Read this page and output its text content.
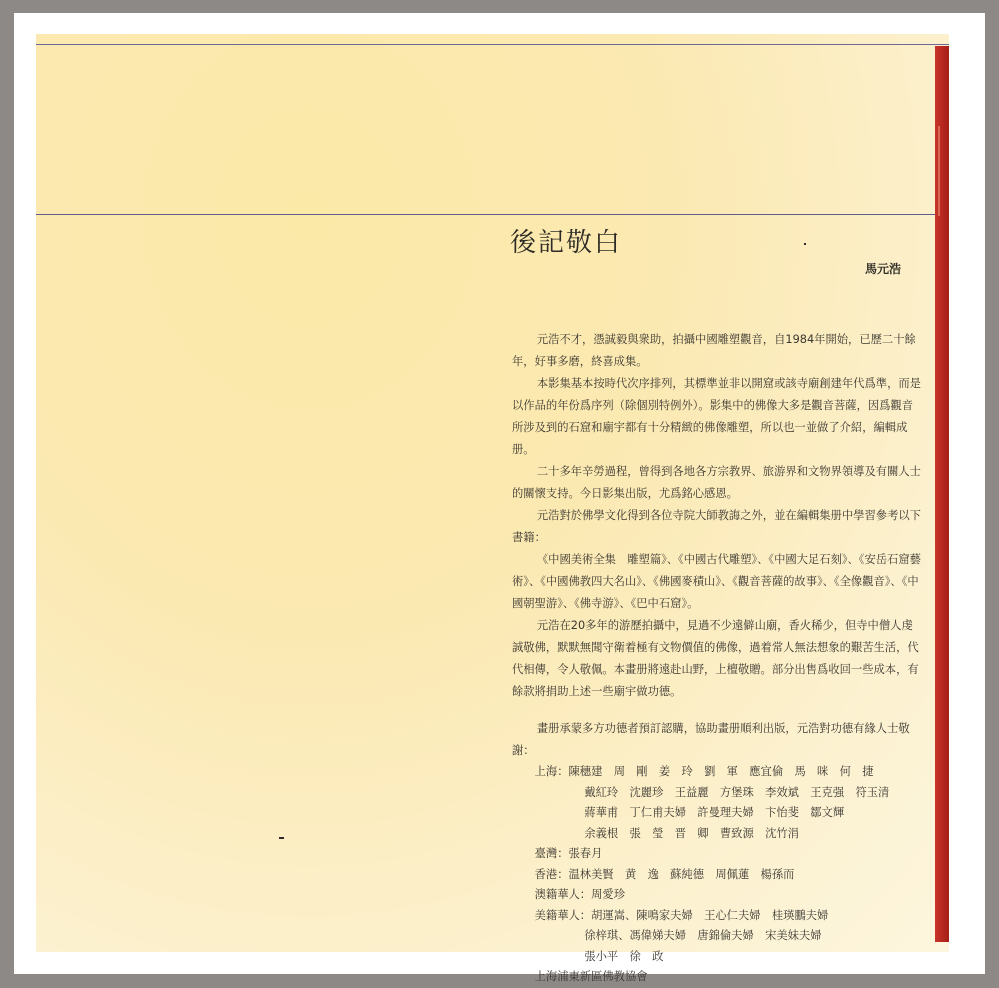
後記敬白
馬元浩

元浩不才，憑誠毅與衆助，拍攝中國雕塑觀音，自1984年開始，已歷二十餘年，好事多磨，終喜成集。

本影集基本按時代次序排列，其標準並非以開窟或該寺廟創建年代爲準，而是以作品的年份爲序列（除個別特例外）。影集中的佛像大多是觀音菩薩，因爲觀音所涉及到的石窟和廟宇都有十分精緻的佛像雕塑，所以也一並做了介紹，編輯成册。

二十多年辛勞過程，曾得到各地各方宗教界、旅游界和文物界領導及有關人士的關懷支持。今日影集出版，尤爲銘心感恩。

元浩對於佛學文化得到各位寺院大師教誨之外，並在編輯集册中學習參考以下書籍：

《中國美術全集　雕塑篇》、《中國古代雕塑》、《中國大足石刻》、《安岳石窟藝術》、《中國佛教四大名山》、《佛國麥積山》、《觀音菩薩的故事》、《全像觀音》、《中國朝聖游》、《佛寺游》、《巴中石窟》。

元浩在20多年的游歷拍攝中，見過不少遠僻山廟，香火稀少，但寺中僧人虔誠敬佛，默默無聞守衛着極有文物價值的佛像，過着常人無法想象的艱苦生活，代代相傳，令人敬佩。本畫册將遠赴山野，上檀敬贈。部分出售爲收回一些成本，有餘款將捐助上述一些廟宇做功德。

畫册承蒙多方功德者預訂認購，協助畫册順利出版，元浩對功德有緣人士敬謝：

上海： 陳穗建　周　剛　姜　玲　劉　軍　應宜倫　馬　咪　何　捷
戴紅玲　沈麗珍　王益麗　方堡珠　李效斌　王克强　符玉清
蔣華甫　丁仁甫夫婦　許曼理夫婦　卞怡斐　鄒文輝
余義根　張　瑩　晋　卿　曹致源　沈竹涓
臺灣： 張春月
香港： 温林美賢　黄　逸　蘇純德　周佩蓮　楊孫而
澳籍華人： 周愛珍
美籍華人： 胡運嵩、陳鳴家夫婦　王心仁夫婦　桂瑛鵬夫婦
徐梓琪、馮偉娣夫婦　唐錦倫夫婦　宋美妹夫婦
張小平　徐　政
上海浦東新區佛教協會
